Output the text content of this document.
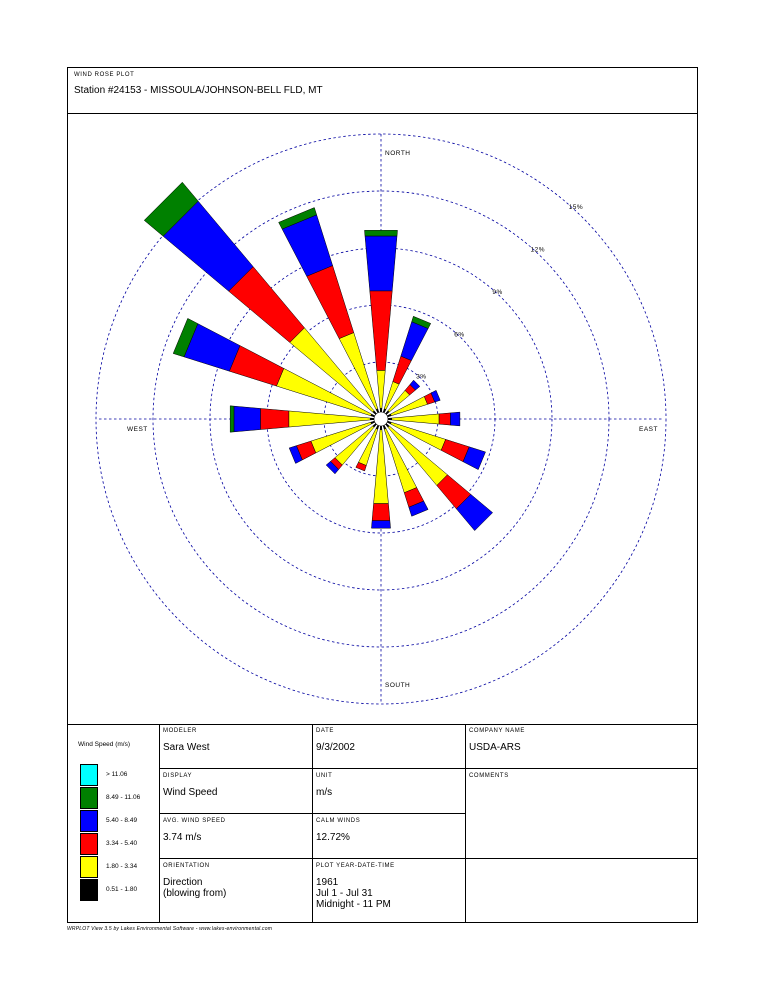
WIND ROSE PLOT
Station #24153 - MISSOULA/JOHNSON-BELL FLD, MT
NORTH
SOUTH
WEST	EAST
3%
6%
9%
12%
15%
Wind Speed (m/s)
> 11.06
8.49 - 11.06
5.40 - 8.49
3.34 - 5.40
1.80 - 3.34
0.51 - 1.80
MODELER
Sara West
DATE
9/3/2002
COMPANY NAME
USDA-ARS
DISPLAY
Wind Speed
UNIT
m/s
COMMENTS
AVG. WIND SPEED
3.74 m/s
CALM WINDS
12.72%
ORIENTATION
Direction
(blowing from)
PLOT YEAR-DATE-TIME
1961
Jul 1 - Jul 31
Midnight - 11 PM
WRPLOT View 3.5 by Lakes Environmental Software - www.lakes-environmental.com
